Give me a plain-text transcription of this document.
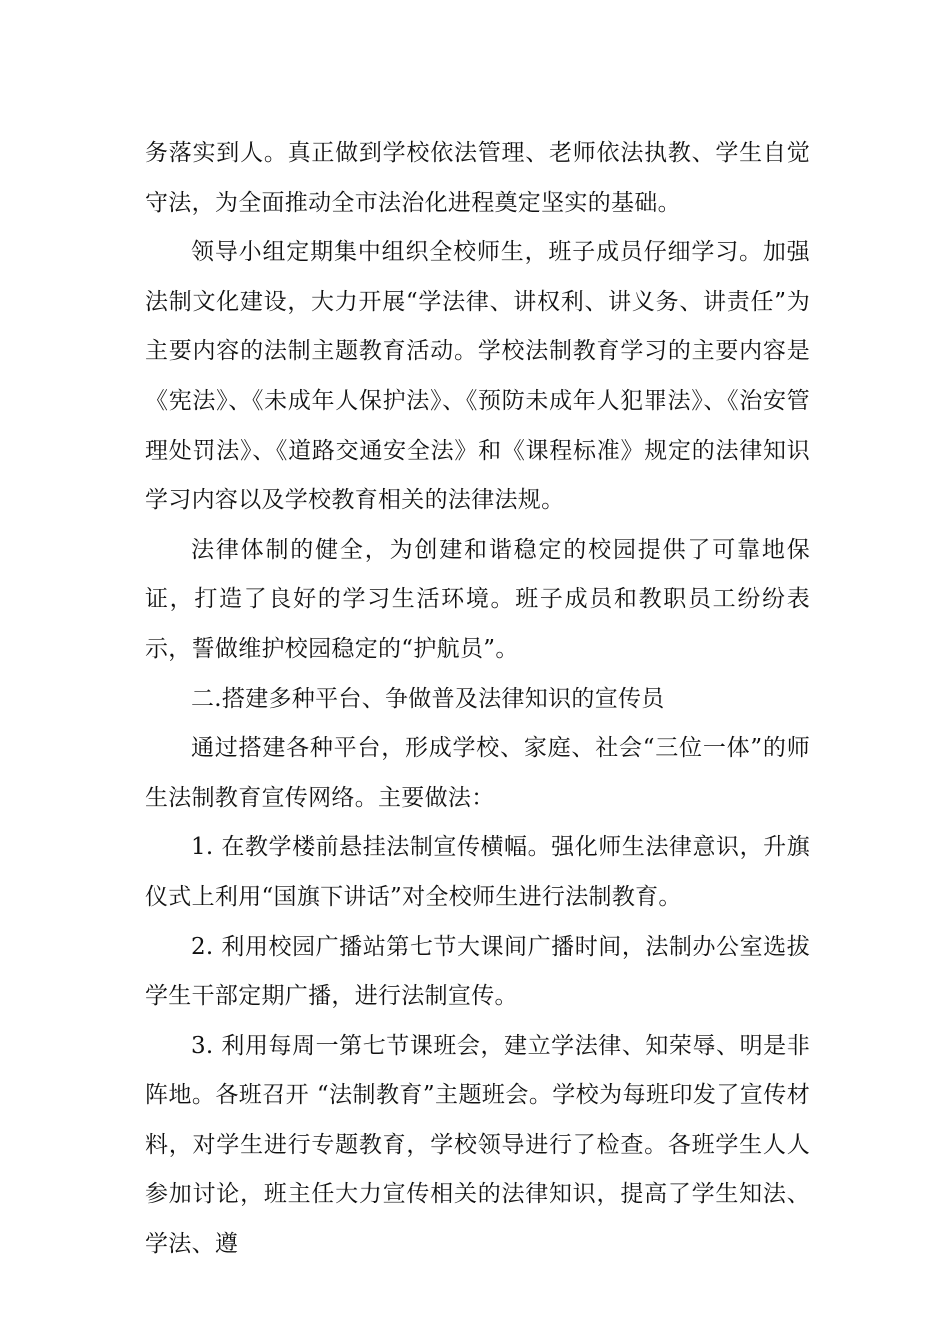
务落实到人。真正做到学校依法管理、老师依法执教、学生自觉守法，为全面推动全市法治化进程奠定坚实的基础。

领导小组定期集中组织全校师生，班子成员仔细学习。加强法制文化建设，大力开展“学法律、讲权利、讲义务、讲责任”为主要内容的法制主题教育活动。学校法制教育学习的主要内容是《宪法》、《未成年人保护法》、《预防未成年人犯罪法》、《治安管理处罚法》、《道路交通安全法》和《课程标准》规定的法律知识学习内容以及学校教育相关的法律法规。

法律体制的健全，为创建和谐稳定的校园提供了可靠地保证，打造了良好的学习生活环境。班子成员和教职员工纷纷表示，誓做维护校园稳定的“护航员”。

二.搭建多种平台、争做普及法律知识的宣传员

通过搭建各种平台，形成学校、家庭、社会“三位一体”的师生法制教育宣传网络。主要做法：

1. 在教学楼前悬挂法制宣传横幅。强化师生法律意识，升旗仪式上利用“国旗下讲话”对全校师生进行法制教育。

2. 利用校园广播站第七节大课间广播时间，法制办公室选拔学生干部定期广播，进行法制宣传。

3. 利用每周一第七节课班会，建立学法律、知荣辱、明是非阵地。各班召开 “法制教育”主题班会。学校为每班印发了宣传材料，对学生进行专题教育，学校领导进行了检查。各班学生人人参加讨论，班主任大力宣传相关的法律知识，提高了学生知法、学法、遵
